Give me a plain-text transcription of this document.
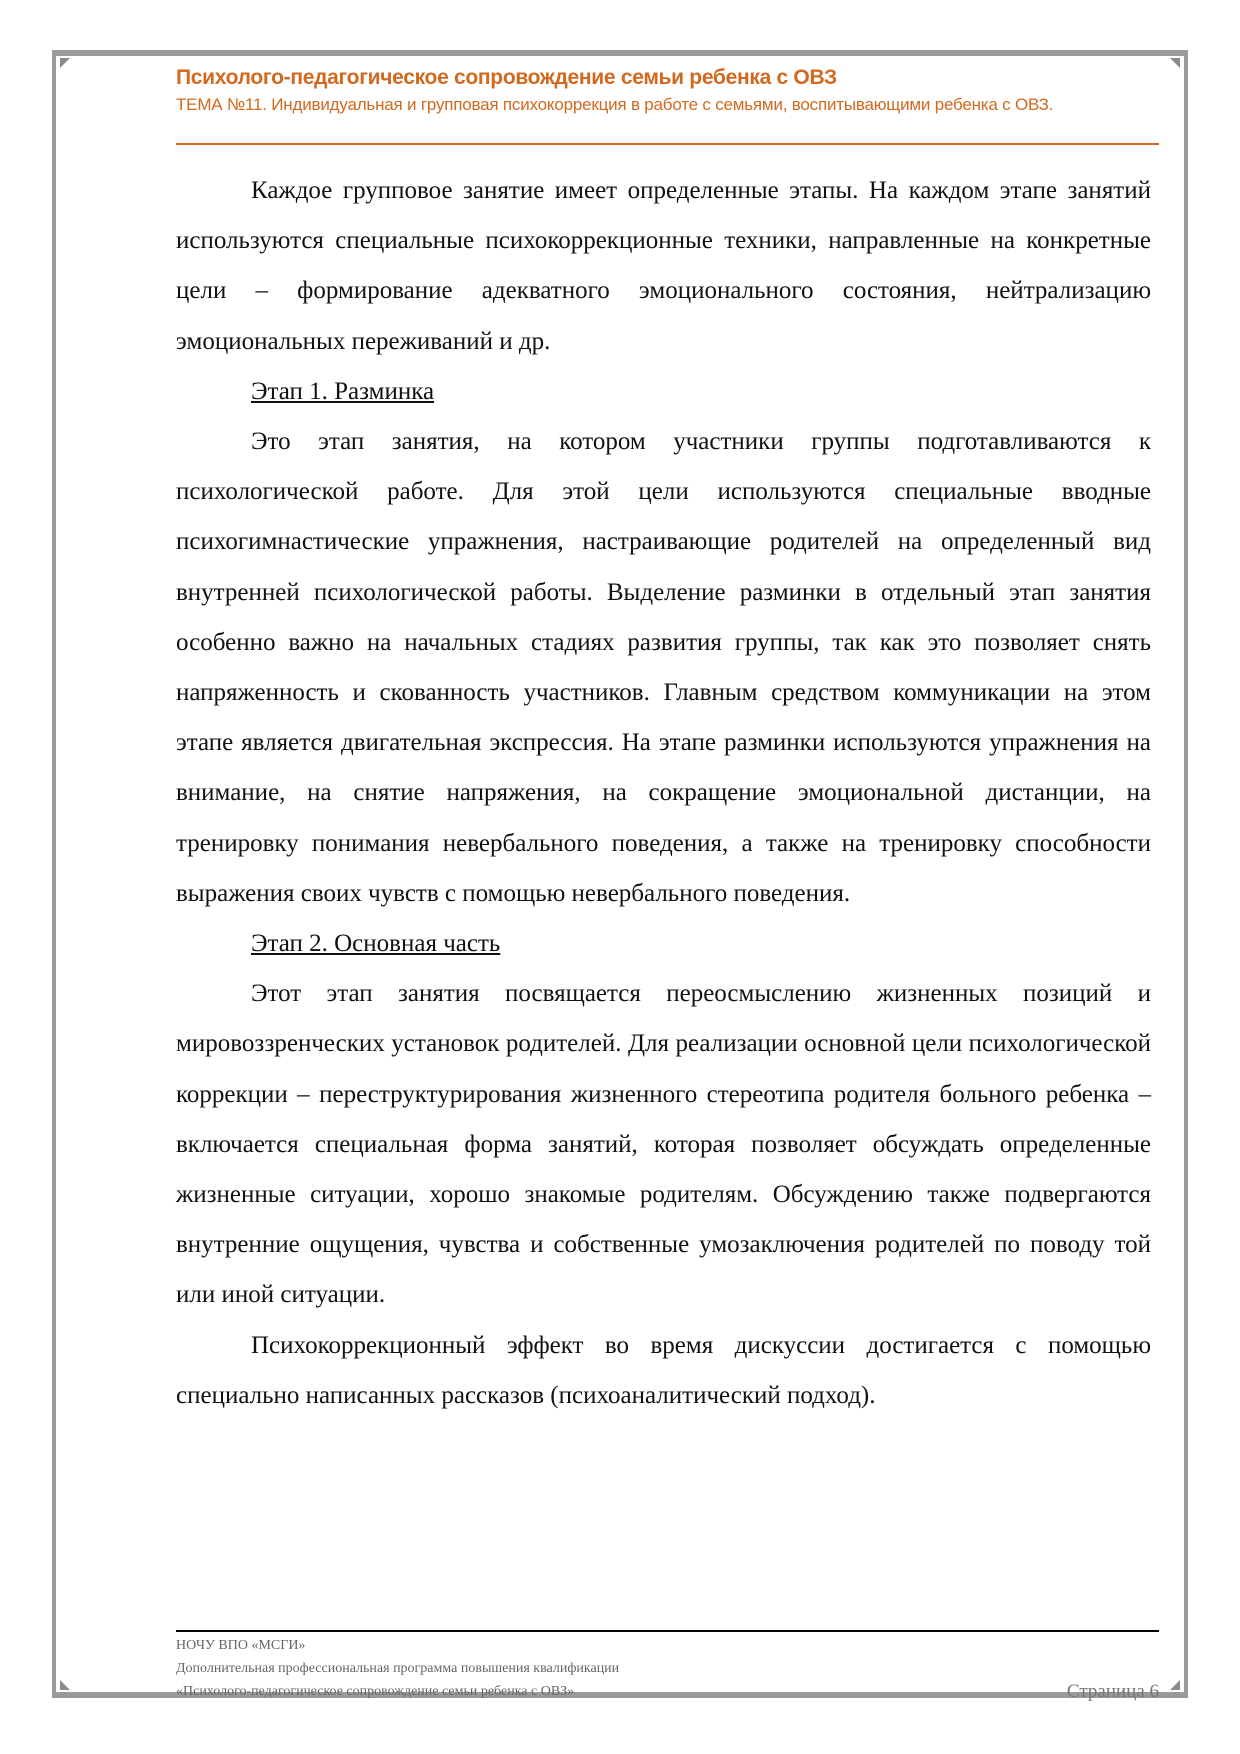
Психолого-педагогическое сопровождение семьи ребенка с ОВЗ
ТЕМА №11. Индивидуальная и групповая психокоррекция в работе с семьями, воспитывающими ребенка с ОВЗ.

Каждое групповое занятие имеет определенные этапы. На каждом этапе занятий используются специальные психокоррекционные техники, направленные на конкретные цели – формирование адекватного эмоционального состояния, нейтрализацию эмоциональных переживаний и др.

Этап 1. Разминка

Это этап занятия, на котором участники группы подготавливаются к психологической работе. Для этой цели используются специальные вводные психогимнастические упражнения, настраивающие родителей на определенный вид внутренней психологической работы. Выделение разминки в отдельный этап занятия особенно важно на начальных стадиях развития группы, так как это позволяет снять напряженность и скованность участников. Главным средством коммуникации на этом этапе является двигательная экспрессия. На этапе разминки используются упражнения на внимание, на снятие напряжения, на сокращение эмоциональной дистанции, на тренировку понимания невербального поведения, а также на тренировку способности выражения своих чувств с помощью невербального поведения.

Этап 2. Основная часть

Этот этап занятия посвящается переосмыслению жизненных позиций и мировоззренческих установок родителей. Для реализации основной цели психологической коррекции – переструктурирования жизненного стереотипа родителя больного ребенка – включается специальная форма занятий, которая позволяет обсуждать определенные жизненные ситуации, хорошо знакомые родителям. Обсуждению также подвергаются внутренние ощущения, чувства и собственные умозаключения родителей по поводу той или иной ситуации.

Психокоррекционный эффект во время дискуссии достигается с помощью специально написанных рассказов (психоаналитический подход).

НОЧУ ВПО «МСГИ»
Дополнительная профессиональная программа повышения квалификации
«Психолого-педагогическое сопровождение семьи ребенка с ОВЗ»	Страница 6
